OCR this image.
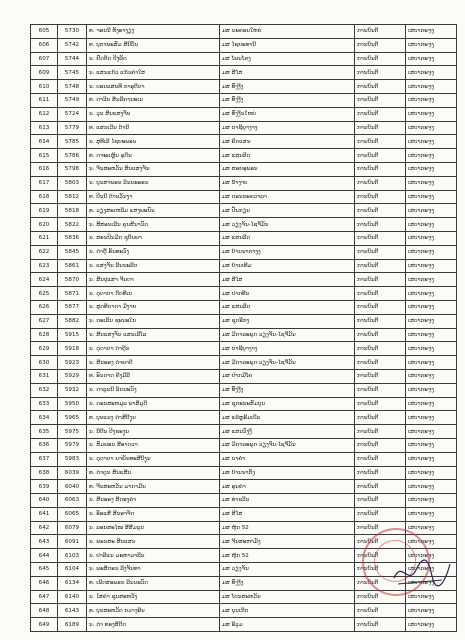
605	5730	ທ. ຈອນນີ ທັງອາງຽງ	ມສ ນະຄອນໃຫຍ່	ການບິນຕີ	ເສບາກະຈູງ
606	5742	ທ. ບຸຕາພະສົມ ສີນີບັນ	ມສ ໄຊຍະທານີ	ການບິນຕີ	ເສບາກະຈູງ
607	5744	ນ. ຢົດຕີດ ປີງພັດ	ມສ ໂພນໂຮງ	ການບິນຕີ	ເສບາກະຈູງ
609	5745	ນ. ແສນແກ້ວ ແກ້ວຄຳໃສ	ມສ ສີໄສ	ການບິນຕີ	ເສບາກະຈູງ
610	5748	ນ. ບອນແສນທີ ກາອຸດີດາ	ມສ ທົ່ງງີງ	ການບິນຕີ	ເສບາກະຈູງ
611	5749	ທ. ດາວີນ ສິນລີຄານະເນ	ມສ ທົ່ງງີງ	ການບິນຕີ	ເສບາກະຈູງ
612	5724	ນ. ວຸນ ສີນແສງຈັນ	ມສ ທົ່ງງີນໃຫຍ່	ການບິນຕີ	ເສບາກະຈູງ
613	5779	ທ. ແສນເວີນ ດ້ານີ	ມສ ນາຊີຍູາງາງ	ການບິນຕີ	ເສບາກະຈູງ
614	5785	ນ. ສຸທີເລີ ໄຊຍະພອນ	ມສ ຄີດແສນ	ການບິນຕີ	ເສບາກະຈູງ
615	5786	ທ. ດຈະແຫຼິນ ອຸດີນ	ມສ ແສນລີດ	ການບິນຕີ	ເສບາກະຈູງ
616	5798	ນ. ຈີນສະຫວັນ ສິນແສງຈັນ	ມສ ສອຍອຸພອນ	ການບິນຕີ	ເສບາກະຈູງ
617	5803	ນ. ບຸນສາພອນ ລິນນະອອນ	ມສ ນ້ຳງາບ	ການບິນຕີ	ເສບາກະຈູງ
618	5812	ທ. ປີນນີ ດ້ານວັນງາ	ມສ ດອນນະຄວາລາ	ການບິນຕີ	ເສບາກະຈູງ
619	5818	ທ. ວຽງສະເຫລີມ ແສງພະນົນ	ມສ ປັນກຽນ	ການບິນຕີ	ເສບາກະຈູງ
620	5822	ນ. ສີສອນເລີນ ຄູນສີນາວົດ	ມສ ວຽງຈັນ-ໄຊຈີ່ມັນ	ການບິນຕີ	ເສບາກະຈູງ
621	5836	ນ. ສອນປິນມີດ ຊຸບີນພາ	ມສ ແສນລີດ	ການບິນຕີ	ເສບາກະຈູງ
622	5845	ນ. ດຳດູີ້ ອັນທະວົງ	ມສ ບ້ານນາກາງງ	ການບິນຕີ	ເສບາກະຈູງ
623	5861	ນ. ແສງຈັນ ລີນນະລີດ	ມສ ບ້ານເທີມ	ການບິນຕີ	ເສບາກະຈູງ
624	5870	ນ. ສີນປຸແສາ ຈີນດາ	ມສ ສີໄສ	ການບິນຕີ	ເສບາກະຈູງ
625	5871	ນ. ດຸດາດາ ດີດທີເນ	ມສ ປາກທີນ	ການບິນຕີ	ເສບາກະຈູງ
626	5877	ນ. ສຸດທີດາດາ ມີງາຍ	ມສ ແສນລີດ	ການບິນຕີ	ເສບາກະຈູງ
627	5882	ນ. ດະເລີນ ຊະນະໃນ	ມສ ຊູດອີກງ	ການບິນຕີ	ເສບາກະຈູງ
628	5915	ນ. ສີນແສງຈັນ ແສນເລີໂລ	ມສ ມີດາລະພຸດ ວຽງຈັນ-ໄຊຈີ່ມັນ	ການບິນຕີ	ເສບາກະຈູງ
629	5918	ນ. ດຸດາດາ ດຳດູີນ	ມສ ນາຊີຍູາງາງ	ການບິນຕີ	ເສບາກະຈູງ
630	5923	ນ. ສີນອອງ ດຳພາບີ	ມສ ມີດາລະພຸດ ວຽງຈັນ-ໄຊຈີ່ມັນ	ການບິນຕີ	ເສບາກະຈູງ
631	5929	ທ. ອົນດາດ ຄີງມີລີ	ມສ ປ່າກມີໂຄ	ການບິນຕີ	ເສບາກະຈູງ
632	5932	ນ. ດາລູນນີ ລິນນະວົງ	ມສ ທົ່ງງີງ	ການບິນຕີ	ເສບາກະຈູງ
633	5950	ນ. ດອນສະຫມຸລ ພາສີມູດີ	ມສ ຊຸດະນະສົມບູນ	ການບິນຕີ	ເສບາກະຈູງ
634	5965	ທ. ບຸນແລງ ດຳສີບີງຸນ	ມສ ແລ້ຫຼອີມເບີລ	ການບິນຕີ	ເສບາກະຈູງ
635	5975	ນ. ນີດີນ ປີງຂະງຸນ	ມສ ແສນວົງງີ	ການບິນຕີ	ເສບາກະຈູງ
636	5979	ນ. ສົມພອນ ສີອາດວາ	ມສ ມີດາລະພຸດ ວຽງຈັນ-ໄຊຈີ່ມັນ	ການບິນຕີ	ເສບາກະຈູງ
637	5983	ນ. ດຸດາດາ ນາພັນທະສີບີງຸນ	ມສ ນາຄຳ	ການບິນຕີ	ເສບາກະຈູງ
638	6039	ທ. ດຳດູນ ສີນແສີນ	ມສ ບ້ານນາກັງ	ການບິນຕີ	ເສບາກະຈູງ
639	6040	ທ. ຈີນສະຫວັນ ມາກາມີນ	ມສ ອຸນຄຳ	ການບິນຕີ	ເສບາກະຈູງ
640	6063	ນ. ສີນອອງ ສີດອງຄຳ	ມສ ທ່າຂວີນ	ການບິນຕີ	ເສບາກະຈູງ
641	6065	ນ. ອັອແສີ ສີນອາຈັດ	ມສ ສີໄສ	ການບິນຕີ	ເສບາກະຈູງ
642	6079	ນ. ລອນສະໄໝ ສີສີມນຸນ	ມສ ຫູ້ກ 52	ການບິນຕີ	ເສບາກະຈູງ
643	6091	ນ. ພອນສະ ສີນແສນ	ມສ ຈີນສະຫາມັງ	ການບິນຕີ	ເສບາກະຈູງ
644	6103	ນ. ປາລີແນ ມະຫາວາລີນ	ມສ ຫູ້ກ 52	ການບິນຕີ	ເສບາກະຈູງ
645	6104	ນ. ພະສີດອນ ລີງຈັນທາ	ມສ ວຽງຈັນ	ການບິນຕີ	ເສບາກະຈູງ
646	6134	ທ. ເພີດສະພອນ ລີນນະວົດ	ມສ ທົ່ງງີງ	ການບິນຕີ	ເສບາກະຈູງ
647	6140	ນ. ໄສຄຳ ຊຸນສະຫວັງ	ມສ ໂບນສະຫວັນ	ການບິນຕີ	ເສບາກະຈູງ
648	6143	ທ. ບຸນສະຫວັດ ກວາງອີນ	ມສ ບຸນເກີດ	ການບິນຕີ	ເສບາກະຈູງ
649	6189	ນ. ດຳ ທອງສີດີດ	ມສ ອີວູມ	ການບິນຕີ	ເສບາກະຈູງ
